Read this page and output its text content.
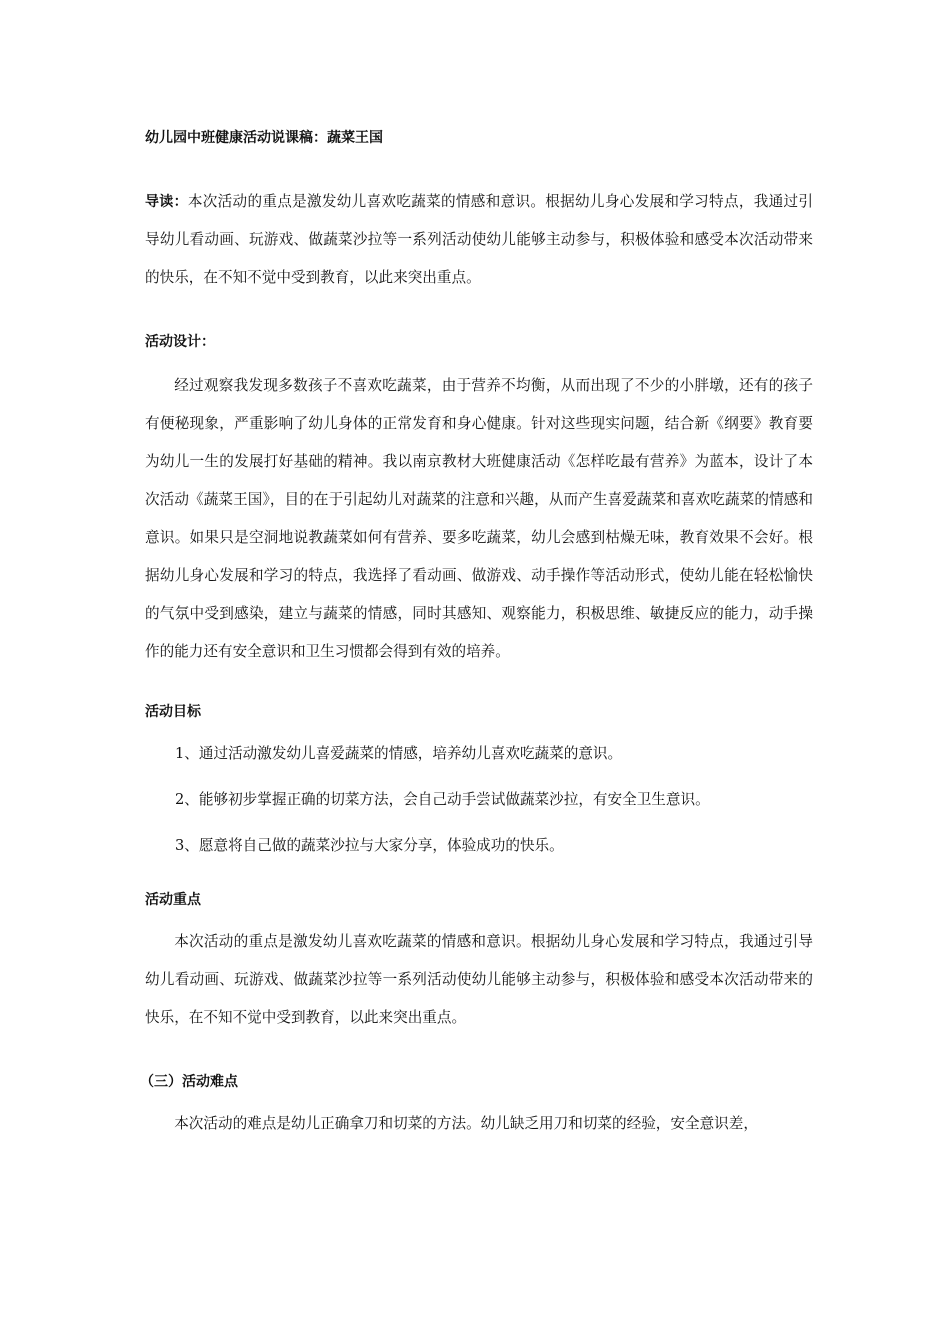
幼儿园中班健康活动说课稿：蔬菜王国
导读：本次活动的重点是激发幼儿喜欢吃蔬菜的情感和意识。根据幼儿身心发展和学习特点，我通过引导幼儿看动画、玩游戏、做蔬菜沙拉等一系列活动使幼儿能够主动参与，积极体验和感受本次活动带来的快乐，在不知不觉中受到教育，以此来突出重点。
活动设计：

经过观察我发现多数孩子不喜欢吃蔬菜，由于营养不均衡，从而出现了不少的小胖墩，还有的孩子有便秘现象，严重影响了幼儿身体的正常发育和身心健康。针对这些现实问题，结合新《纲要》教育要为幼儿一生的发展打好基础的精神。我以南京教材大班健康活动《怎样吃最有营养》为蓝本，设计了本次活动《蔬菜王国》，目的在于引起幼儿对蔬菜的注意和兴趣，从而产生喜爱蔬菜和喜欢吃蔬菜的情感和意识。如果只是空洞地说教蔬菜如何有营养、要多吃蔬菜，幼儿会感到枯燥无味，教育效果不会好。根据幼儿身心发展和学习的特点，我选择了看动画、做游戏、动手操作等活动形式，使幼儿能在轻松愉快的气氛中受到感染，建立与蔬菜的情感，同时其感知、观察能力，积极思维、敏捷反应的能力，动手操作的能力还有安全意识和卫生习惯都会得到有效的培养。

活动目标

1、通过活动激发幼儿喜爱蔬菜的情感，培养幼儿喜欢吃蔬菜的意识。

2、能够初步掌握正确的切菜方法，会自己动手尝试做蔬菜沙拉，有安全卫生意识。

3、愿意将自己做的蔬菜沙拉与大家分享，体验成功的快乐。

活动重点

本次活动的重点是激发幼儿喜欢吃蔬菜的情感和意识。根据幼儿身心发展和学习特点，我通过引导幼儿看动画、玩游戏、做蔬菜沙拉等一系列活动使幼儿能够主动参与，积极体验和感受本次活动带来的快乐，在不知不觉中受到教育，以此来突出重点。

（三）活动难点

本次活动的难点是幼儿正确拿刀和切菜的方法。幼儿缺乏用刀和切菜的经验，安全意识差，
